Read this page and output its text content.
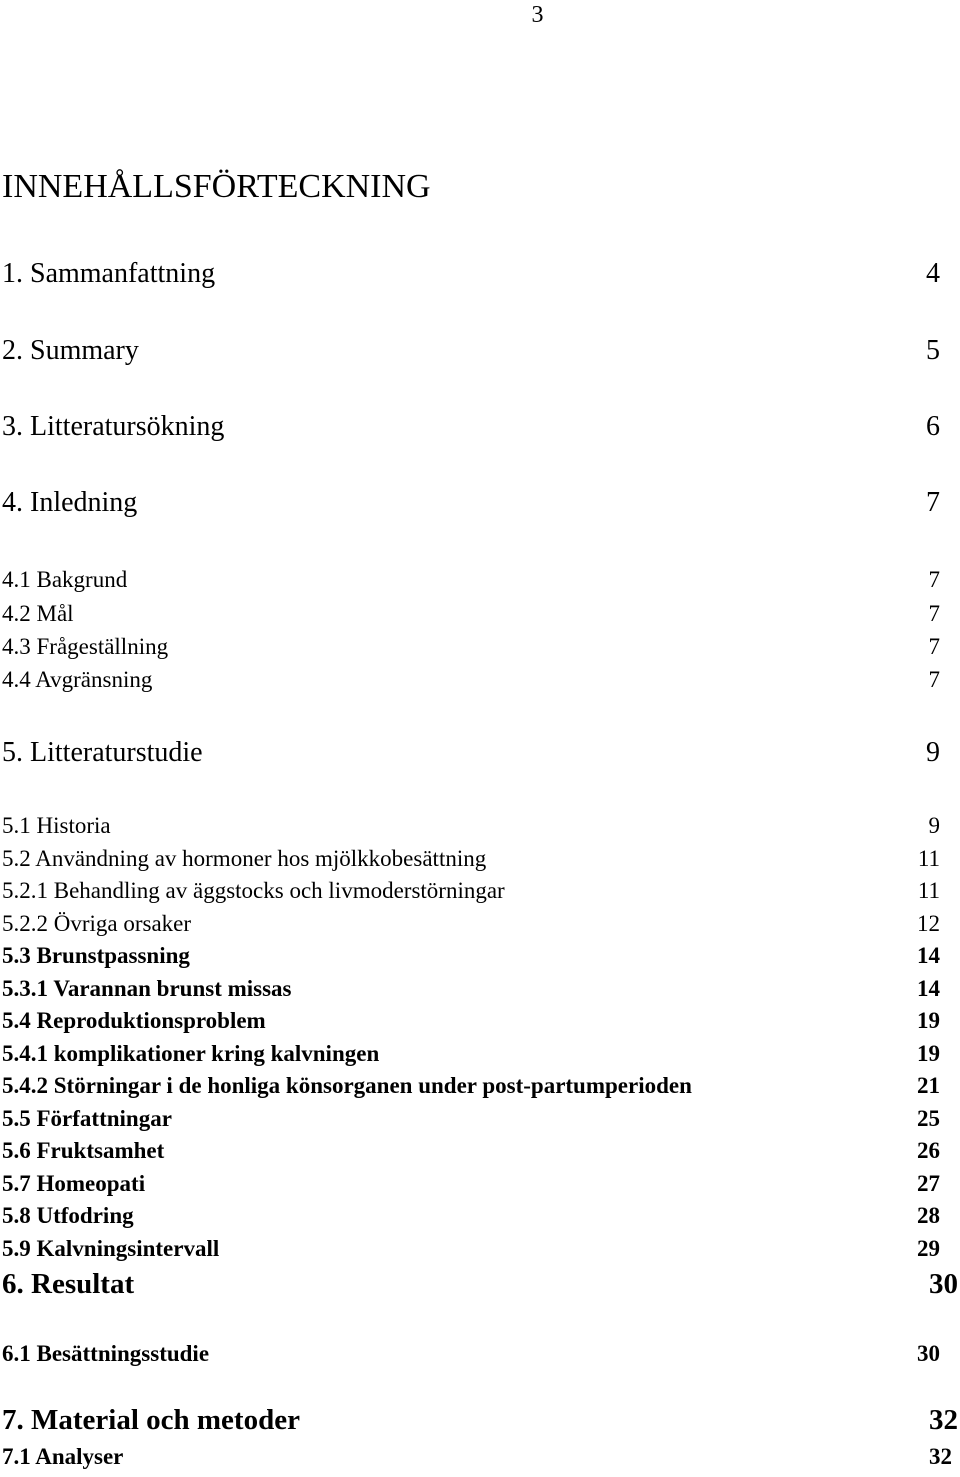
3
INNEHÅLLSFÖRTECKNING
1. Sammanfattning	4
2. Summary	5
3. Litteratursökning	6
4. Inledning	7
4.1 Bakgrund	7
4.2 Mål	7
4.3 Frågeställning	7
4.4 Avgränsning	7
5. Litteraturstudie	9
5.1 Historia	9
5.2 Användning av hormoner hos mjölkkobesättning	11
5.2.1 Behandling av äggstocks och livmoderstörningar	11
5.2.2 Övriga orsaker	12
5.3 Brunstpassning	14
5.3.1 Varannan brunst missas	14
5.4 Reproduktionsproblem	19
5.4.1 komplikationer kring kalvningen	19
5.4.2 Störningar i de honliga könsorganen under post-partumperioden	21
5.5 Författningar	25
5.6 Fruktsamhet	26
5.7 Homeopati	27
5.8 Utfodring	28
5.9 Kalvningsintervall	29
6. Resultat	30
6.1 Besättningsstudie	30
7. Material och metoder	32
7.1 Analyser	32
